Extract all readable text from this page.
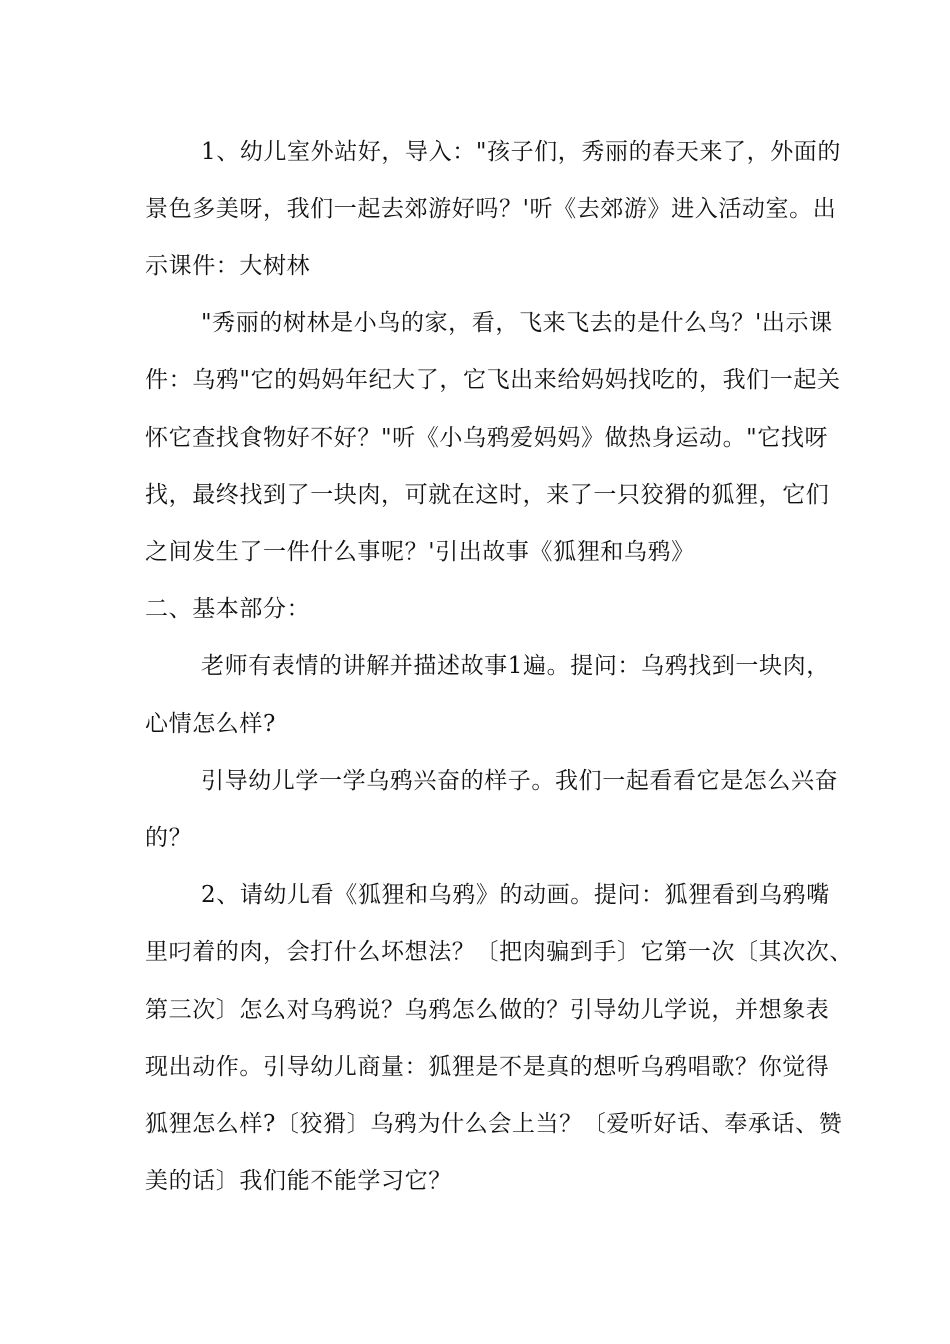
1、幼儿室外站好，导入："孩子们，秀丽的春天来了，外面的
景色多美呀，我们一起去郊游好吗？'听《去郊游》进入活动室。出
示课件：大树林
"秀丽的树林是小鸟的家，看，飞来飞去的是什么鸟？'出示课
件：乌鸦"它的妈妈年纪大了，它飞出来给妈妈找吃的，我们一起关
怀它查找食物好不好？"听《小乌鸦爱妈妈》做热身运动。"它找呀
找，最终找到了一块肉，可就在这时，来了一只狡猾的狐狸，它们
之间发生了一件什么事呢？'引出故事《狐狸和乌鸦》
二、基本部分：
老师有表情的讲解并描述故事1遍。提问：乌鸦找到一块肉，
心情怎么样?
引导幼儿学一学乌鸦兴奋的样子。我们一起看看它是怎么兴奋
的？
2、请幼儿看《狐狸和乌鸦》的动画。提问：狐狸看到乌鸦嘴
里叼着的肉，会打什么坏想法？〔把肉骗到手〕它第一次〔其次次、
第三次〕怎么对乌鸦说？乌鸦怎么做的？引导幼儿学说，并想象表
现出动作。引导幼儿商量：狐狸是不是真的想听乌鸦唱歌？你觉得
狐狸怎么样?〔狡猾〕乌鸦为什么会上当？〔爱听好话、奉承话、赞
美的话〕我们能不能学习它？
